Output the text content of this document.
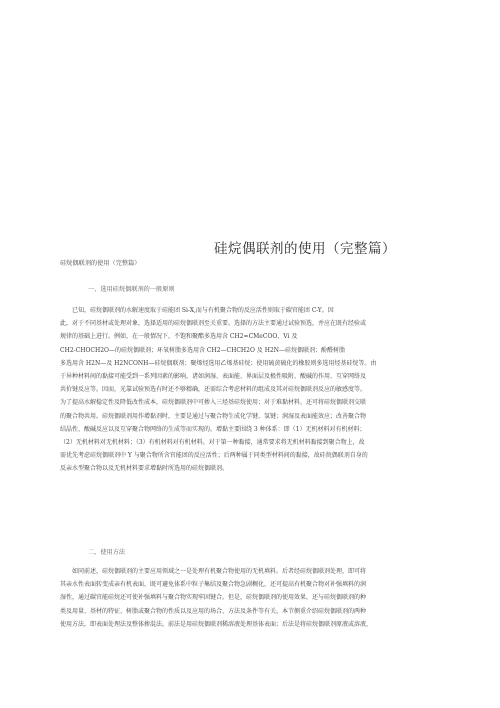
硅烷偶联剂的使用（完整篇）
硅烷偶联剂的使用（完整篇）
一、选用硅烷偶联剂的一般原则

已知，硅烷偶联剂的水解速度取于硅能团 Si-X,而与有机聚合物的反应活性则取于碳官能团 C-Y。因

此，对于不同基材或处理对象，选择适用的硅烷偶联剂至关重要。选择的方法主要通过试验预选，并应在既有经验或

规律的基础上进行。例如，在一般情况下，不饱和聚酯多选用含 CH2=CMeCOO、Vi 及

CH2-CHOCH2O—的硅烷偶联剂；环氧树脂多选用含 CH2—CHCH2O 及 H2N—硅烷偶联剂；酚醛树脂

多选用含 H2N—及 H2NCONH—硅烷偶联剂；聚烯烃选用乙烯基硅烷；使用硫黄硫化的橡胶则多选用烃基硅烷等。由

于异种材料间的黏接可能受到一系列因素的影响，诸如润湿、表面能、界面层及极性吸附、酸碱的作用、互穿网络及

共价键反应等。因而，光靠试验预选有时还不够精确，还需综合考虑材料的组成及其对硅烷偶联剂反应的敏感度等。

为了提高水解稳定性及降低改性成本，硅烷偶联剂中可掺入三烃基硅烷使用；对于难黏材料，还可将硅烷偶联剂交联

的聚合物共用。硅烷偶联剂用作增黏剂时，主要是通过与聚合物生成化学键、氢键；润湿及表面能效应；改善聚合物

结晶性、酸碱反应以及互穿聚合物网络的生成等而实现的。增黏主要围绕 3 种体系：即（1）无机材料对有机材料；

（2）无机材料对无机材料；（3）有机材料对有机材料。对于第一种黏接，通常要求将无机材料黏接到聚合物上，故

需优先考虑硅烷偶联剂中 Y 与聚合物所含官能团的反应活性；后两种属于同类型材料间的黏接，故硅烷偶联剂自身的

反亲水型聚合物以及无机材料要求增黏时所选用的硅烷偶联剂。

二、使用方法

如同前述，硅烷偶联剂的主要应用领域之一是处理有机聚合物使用的无机填料。后者经硅烷偶联剂处理，即可将

其亲水性表面转变成亲有机表面，既可避免体系中粒子集结及聚合物急剧稠化，还可提高有机聚合物对补强填料的润

湿性，通过碳官能硅烷还可使补强填料与聚合物实现牢固键合。但是，硅烷偶联剂的使用效果，还与硅烷偶联剂的种

类及用量、基材的特征、树脂或聚合物的性质以及应用的场合、方法及条件等有关。本节侧重介绍硅烷偶联剂的两种

使用方法，即表面处理法及整体掺混法。前法是用硅烷偶联剂稀溶液处理基体表面；后法是将硅烷偶联剂原液或溶液，
